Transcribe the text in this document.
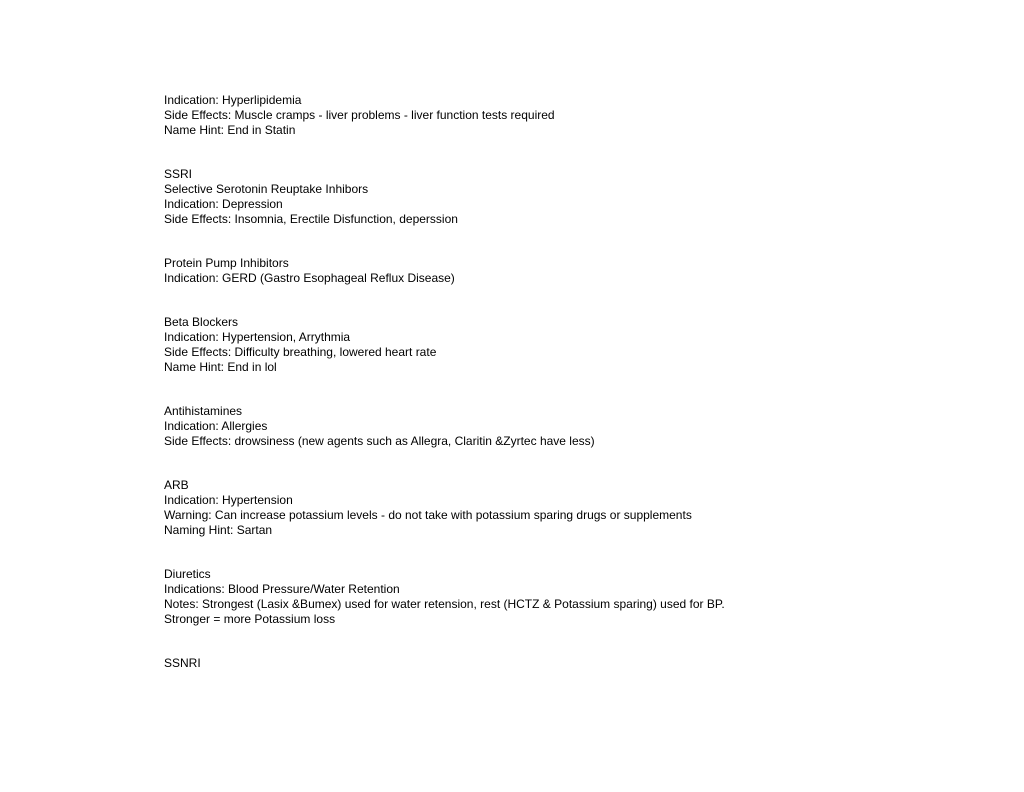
Indication: Hyperlipidemia
Side Effects: Muscle cramps - liver problems - liver function tests required
Name Hint: End in Statin
SSRI
Selective Serotonin Reuptake Inhibors
Indication: Depression
Side Effects: Insomnia, Erectile Disfunction, deperssion
Protein Pump Inhibitors
Indication: GERD (Gastro Esophageal Reflux Disease)
Beta Blockers
Indication: Hypertension, Arrythmia
Side Effects: Difficulty breathing, lowered heart rate
Name Hint: End in lol
Antihistamines
Indication: Allergies
Side Effects: drowsiness (new agents such as Allegra, Claritin &Zyrtec have less)
ARB
Indication: Hypertension
Warning: Can increase potassium levels - do not take with potassium sparing drugs or supplements
Naming Hint: Sartan
Diuretics
Indications: Blood Pressure/Water Retention
Notes: Strongest (Lasix &Bumex) used for water retension, rest (HCTZ & Potassium sparing) used for BP.
Stronger = more Potassium loss
SSNRI
